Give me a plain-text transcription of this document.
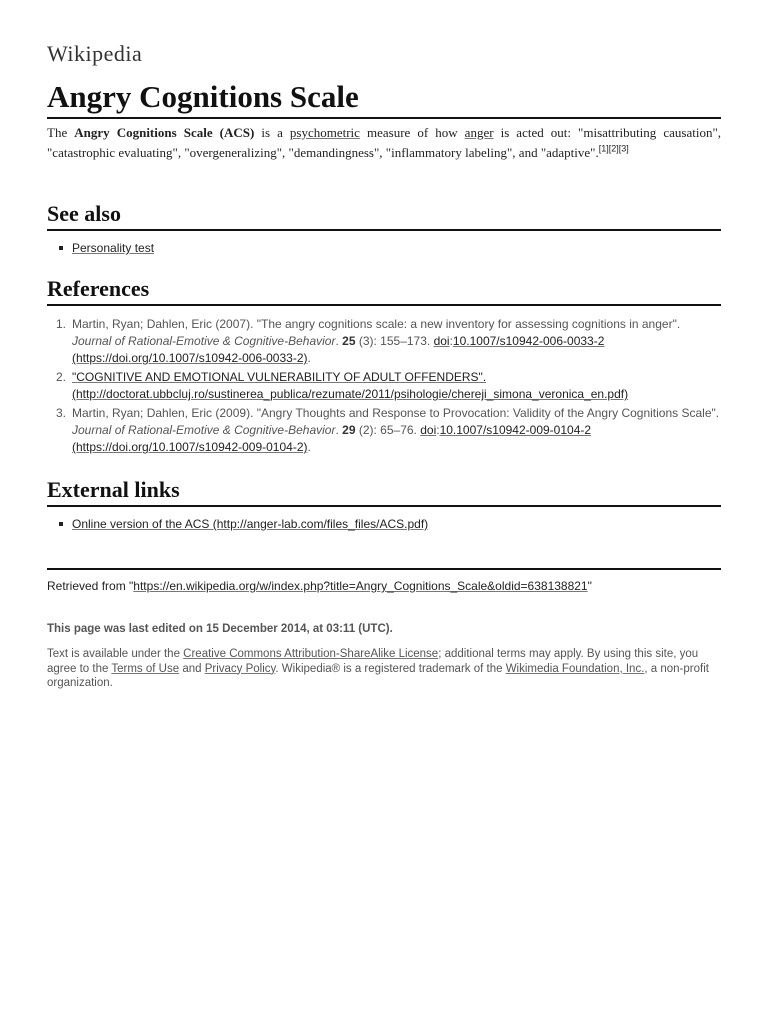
Wikipedia
Angry Cognitions Scale

The Angry Cognitions Scale (ACS) is a psychometric measure of how anger is acted out: "misattributing causation", "catastrophic evaluating", "overgeneralizing", "demandingness", "inflammatory labeling", and "adaptive".[1][2][3]

See also
Personality test
References
1. Martin, Ryan; Dahlen, Eric (2007). "The angry cognitions scale: a new inventory for assessing cognitions in anger". Journal of Rational-Emotive & Cognitive-Behavior. 25 (3): 155–173. doi:10.1007/s10942-006-0033-2 (https://doi.org/10.1007/s10942-006-0033-2).
2. "COGNITIVE AND EMOTIONAL VULNERABILITY OF ADULT OFFENDERS". (http://doctorat.ubbcluj.ro/sustinerea_publica/rezumate/2011/psihologie/chereji_simona_veronica_en.pdf)
3. Martin, Ryan; Dahlen, Eric (2009). "Angry Thoughts and Response to Provocation: Validity of the Angry Cognitions Scale". Journal of Rational-Emotive & Cognitive-Behavior. 29 (2): 65–76. doi:10.1007/s10942-009-0104-2 (https://doi.org/10.1007/s10942-009-0104-2).
External links
Online version of the ACS (http://anger-lab.com/files_files/ACS.pdf)

Retrieved from "https://en.wikipedia.org/w/index.php?title=Angry_Cognitions_Scale&oldid=638138821"

This page was last edited on 15 December 2014, at 03:11 (UTC).

Text is available under the Creative Commons Attribution-ShareAlike License; additional terms may apply. By using this site, you agree to the Terms of Use and Privacy Policy. Wikipedia® is a registered trademark of the Wikimedia Foundation, Inc., a non-profit organization.
